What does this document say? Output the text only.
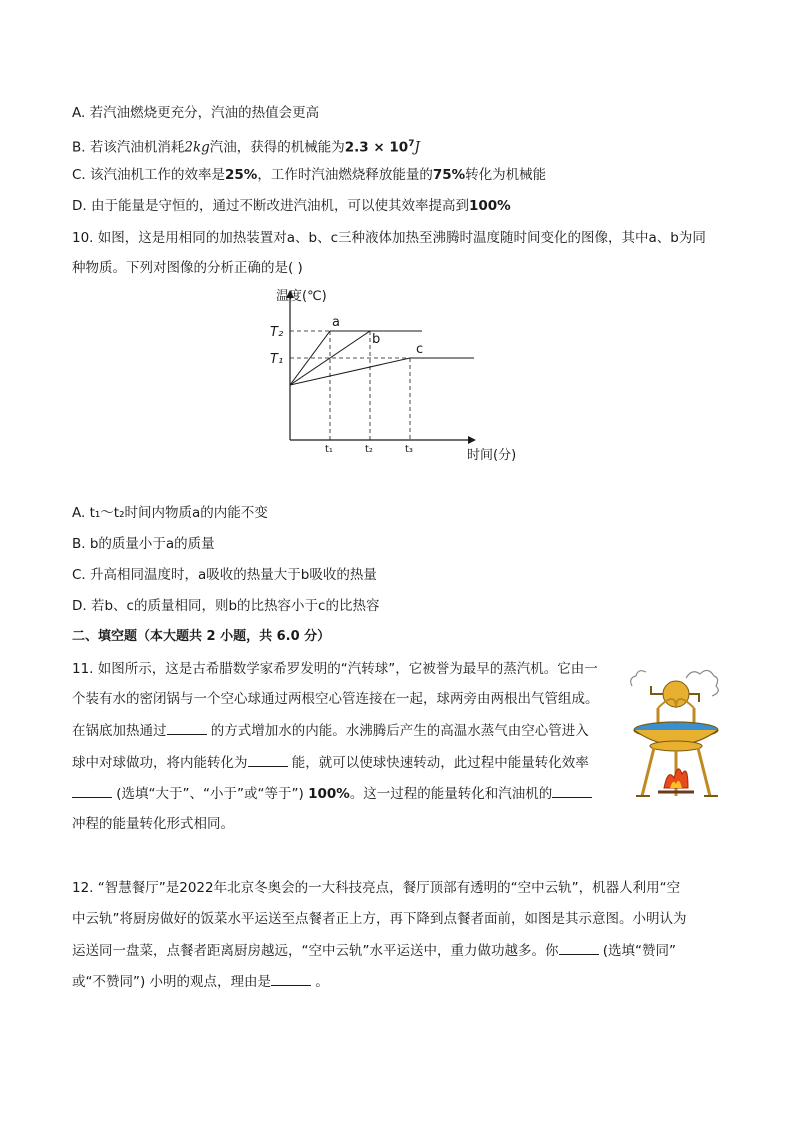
A. 若汽油燃烧更充分，汽油的热值会更高
B. 若该汽油机消耗2kg汽油，获得的机械能为$2.3 \times 10^7J$
C. 该汽油机工作的效率是25%，工作时汽油燃烧释放能量的75%转化为机械能
D. 由于能量是守恒的，通过不断改进汽油机，可以使其效率提高到100%
10. 如图，这是用相同的加热装置对a、b、c三种液体加热至沸腾时温度随时间变化的图像，其中a、b为同
种物质。下列对图像的分析正确的是( )
温度(℃)
时间(分)
T₂
T₁
t₁	t₂	t₃
a
b
c
A. t₁～t₂时间内物质a的内能不变
B. b的质量小于a的质量
C. 升高相同温度时，a吸收的热量大于b吸收的热量
D. 若b、c的质量相同，则b的比热容小于c的比热容
二、填空题（本大题共 2 小题，共 6.0 分）
11. 如图所示，这是古希腊数学家希罗发明的“汽转球”，它被誉为最早的蒸汽机。它由一
个装有水的密闭锅与一个空心球通过两根空心管连接在一起，球两旁由两根出气管组成。
在锅底加热通过	的方式增加水的内能。水沸腾后产生的高温水蒸气由空心管进入
球中对球做功，将内能转化为	能，就可以使球快速转动，此过程中能量转化效率
(选填“大于”、“小于”或“等于”) 100%。这一过程的能量转化和汽油机的
冲程的能量转化形式相同。
12. “智慧餐厅”是2022年北京冬奥会的一大科技亮点，餐厅顶部有透明的“空中云轨”，机器人利用“空
中云轨”将厨房做好的饭菜水平运送至点餐者正上方，再下降到点餐者面前，如图是其示意图。小明认为
运送同一盘菜，点餐者距离厨房越远，“空中云轨”水平运送中，重力做功越多。你	(选填“赞同”
或“不赞同”) 小明的观点，理由是	。
